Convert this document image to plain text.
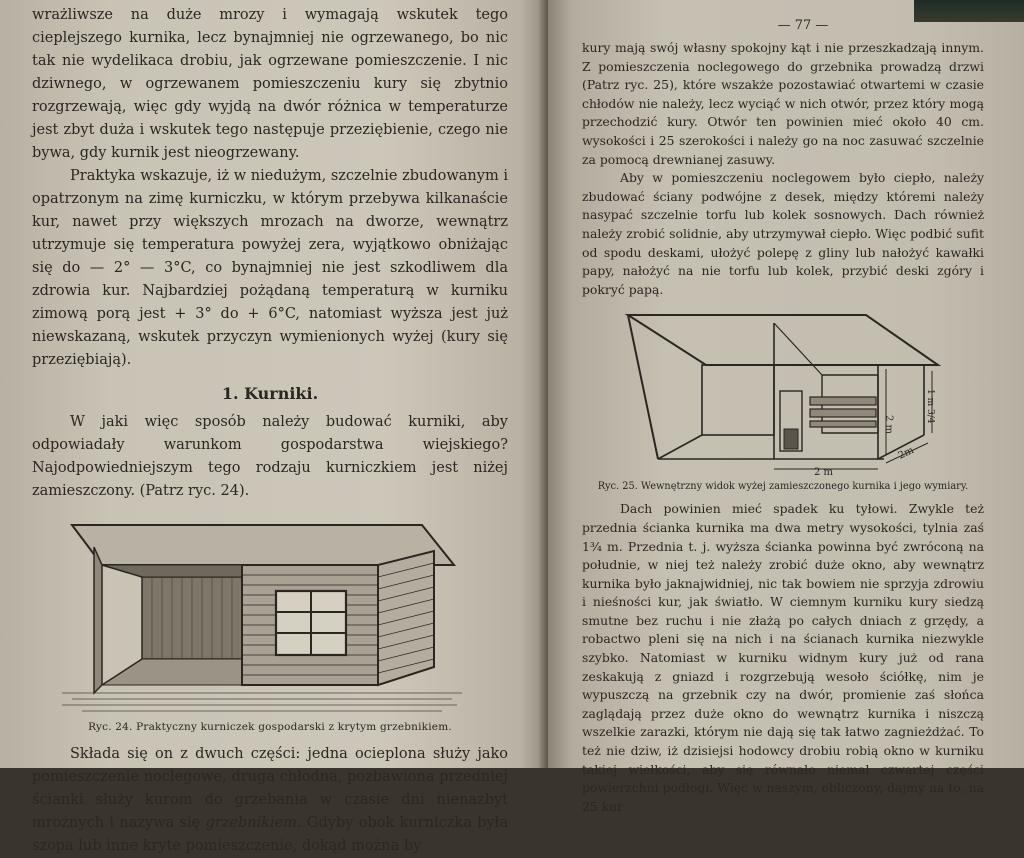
wrażliwsze na duże mrozy i wymagają wskutek tego cieplejszego kurnika, lecz bynajmniej nie ogrzewanego, bo nic tak nie wydelikaca drobiu, jak ogrzewane pomieszczenie. I nic dziwnego, w ogrzewanem pomieszczeniu kury się zbytnio rozgrzewają, więc gdy wyjdą na dwór różnica w temperaturze jest zbyt duża i wskutek tego następuje przeziębienie, czego nie bywa, gdy kurnik jest nieogrzewany.

Praktyka wskazuje, iż w niedużym, szczelnie zbudowanym i opatrzonym na zimę kurniczku, w którym przebywa kilkanaście kur, nawet przy większych mrozach na dworze, wewnątrz utrzymuje się temperatura powyżej zera, wyjątkowo obniżając się do — 2° — 3°C, co bynajmniej nie jest szkodliwem dla zdrowia kur. Najbardziej pożądaną temperaturą w kurniku zimową porą jest + 3° do + 6°C, natomiast wyższa jest już niewskazaną, wskutek przyczyn wymienionych wyżej (kury się przeziębiają).

1. Kurniki.

W jaki więc sposób należy budować kurniki, aby odpowiadały warunkom gospodarstwa wiejskiego? Najodpowiedniejszym tego rodzaju kurniczkiem jest niżej zamieszczony. (Patrz ryc. 24).

Ryc. 24. Praktyczny kurniczek gospodarski z krytym grzebnikiem.

Składa się on z dwuch części: jedna ocieplona służy jako pomieszczenie noclegowe, druga chłodna, pozbawiona przedniej ścianki służy kurom do grzebania w czasie dni nienazbyt mroźnych i nazywa się grzebnikiem. Gdyby obok kurniczka była szopa lub inne kryte pomieszczenie, dokąd można by

— 77 —

kury mają swój własny spokojny kąt i nie przeszkadzają innym. Z pomieszczenia noclegowego do grzebnika prowadzą drzwi (Patrz ryc. 25), które wszakże pozostawiać otwartemi w czasie chłodów nie należy, lecz wyciąć w nich otwór, przez który mogą przechodzić kury. Otwór ten powinien mieć około 40 cm. wysokości i 25 szerokości i należy go na noc zasuwać szczelnie za pomocą drewnianej zasuwy.

Aby w pomieszczeniu noclegowem było ciepło, należy zbudować ściany podwójne z desek, między któremi należy nasypać szczelnie torfu lub kolek sosnowych. Dach również należy zrobić solidnie, aby utrzymywał ciepło. Więc podbić sufit od spodu deskami, ułożyć polepę z gliny lub nałożyć kawałki papy, nałożyć na nie torfu lub kolek, przybić deski zgóry i pokryć papą.

2 m
2 m
1 m 3/4
2m

Ryc. 25. Wewnętrzny widok wyżej zamieszczonego kurnika i jego wymiary.

Dach powinien mieć spadek ku tyłowi. Zwykle też przednia ścianka kurnika ma dwa metry wysokości, tylnia zaś 1¾ m. Przednia t. j. wyższa ścianka powinna być zwróconą na południe, w niej też należy zrobić duże okno, aby wewnątrz kurnika było jaknajwidniej, nic tak bowiem nie sprzyja zdrowiu i nieśności kur, jak światło. W ciemnym kurniku kury siedzą smutne bez ruchu i nie złażą po całych dniach z grzędy, a robactwo pleni się na nich i na ścianach kurnika niezwykle szybko. Natomiast w kurniku widnym kury już od rana zeskakują z gniazd i rozgrzebują wesoło ściółkę, nim je wypuszczą na grzebnik czy na dwór, promienie zaś słońca zaglądają przez duże okno do wewnątrz kurnika i niszczą wszelkie zarazki, którym nie dają się tak łatwo zagnieżdżać. To też nie dziw, iż dzisiejsi hodowcy drobiu robią okno w kurniku takiej wielkości, aby się równało niemal czwartej części powierzchni podłogi. Więc w naszym, obliczony, dajmy na to, na 25 kur
